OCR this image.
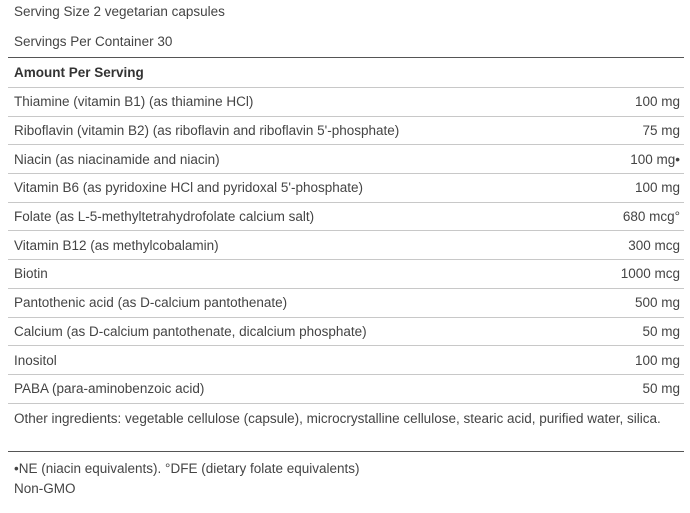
Serving Size 2 vegetarian capsules
Servings Per Container 30
Amount Per Serving
Thiamine (vitamin B1) (as thiamine HCl)	100 mg
Riboflavin (vitamin B2) (as riboflavin and riboflavin 5'-phosphate)	75 mg
Niacin (as niacinamide and niacin)	100 mg•
Vitamin B6 (as pyridoxine HCl and pyridoxal 5'-phosphate)	100 mg
Folate (as L-5-methyltetrahydrofolate calcium salt)	680 mcg°
Vitamin B12 (as methylcobalamin)	300 mcg
Biotin	1000 mcg
Pantothenic acid (as D-calcium pantothenate)	500 mg
Calcium (as D-calcium pantothenate, dicalcium phosphate)	50 mg
Inositol	100 mg
PABA (para-aminobenzoic acid)	50 mg
Other ingredients: vegetable cellulose (capsule), microcrystalline cellulose, stearic acid, purified water, silica.
•NE (niacin equivalents). °DFE (dietary folate equivalents)
Non-GMO
